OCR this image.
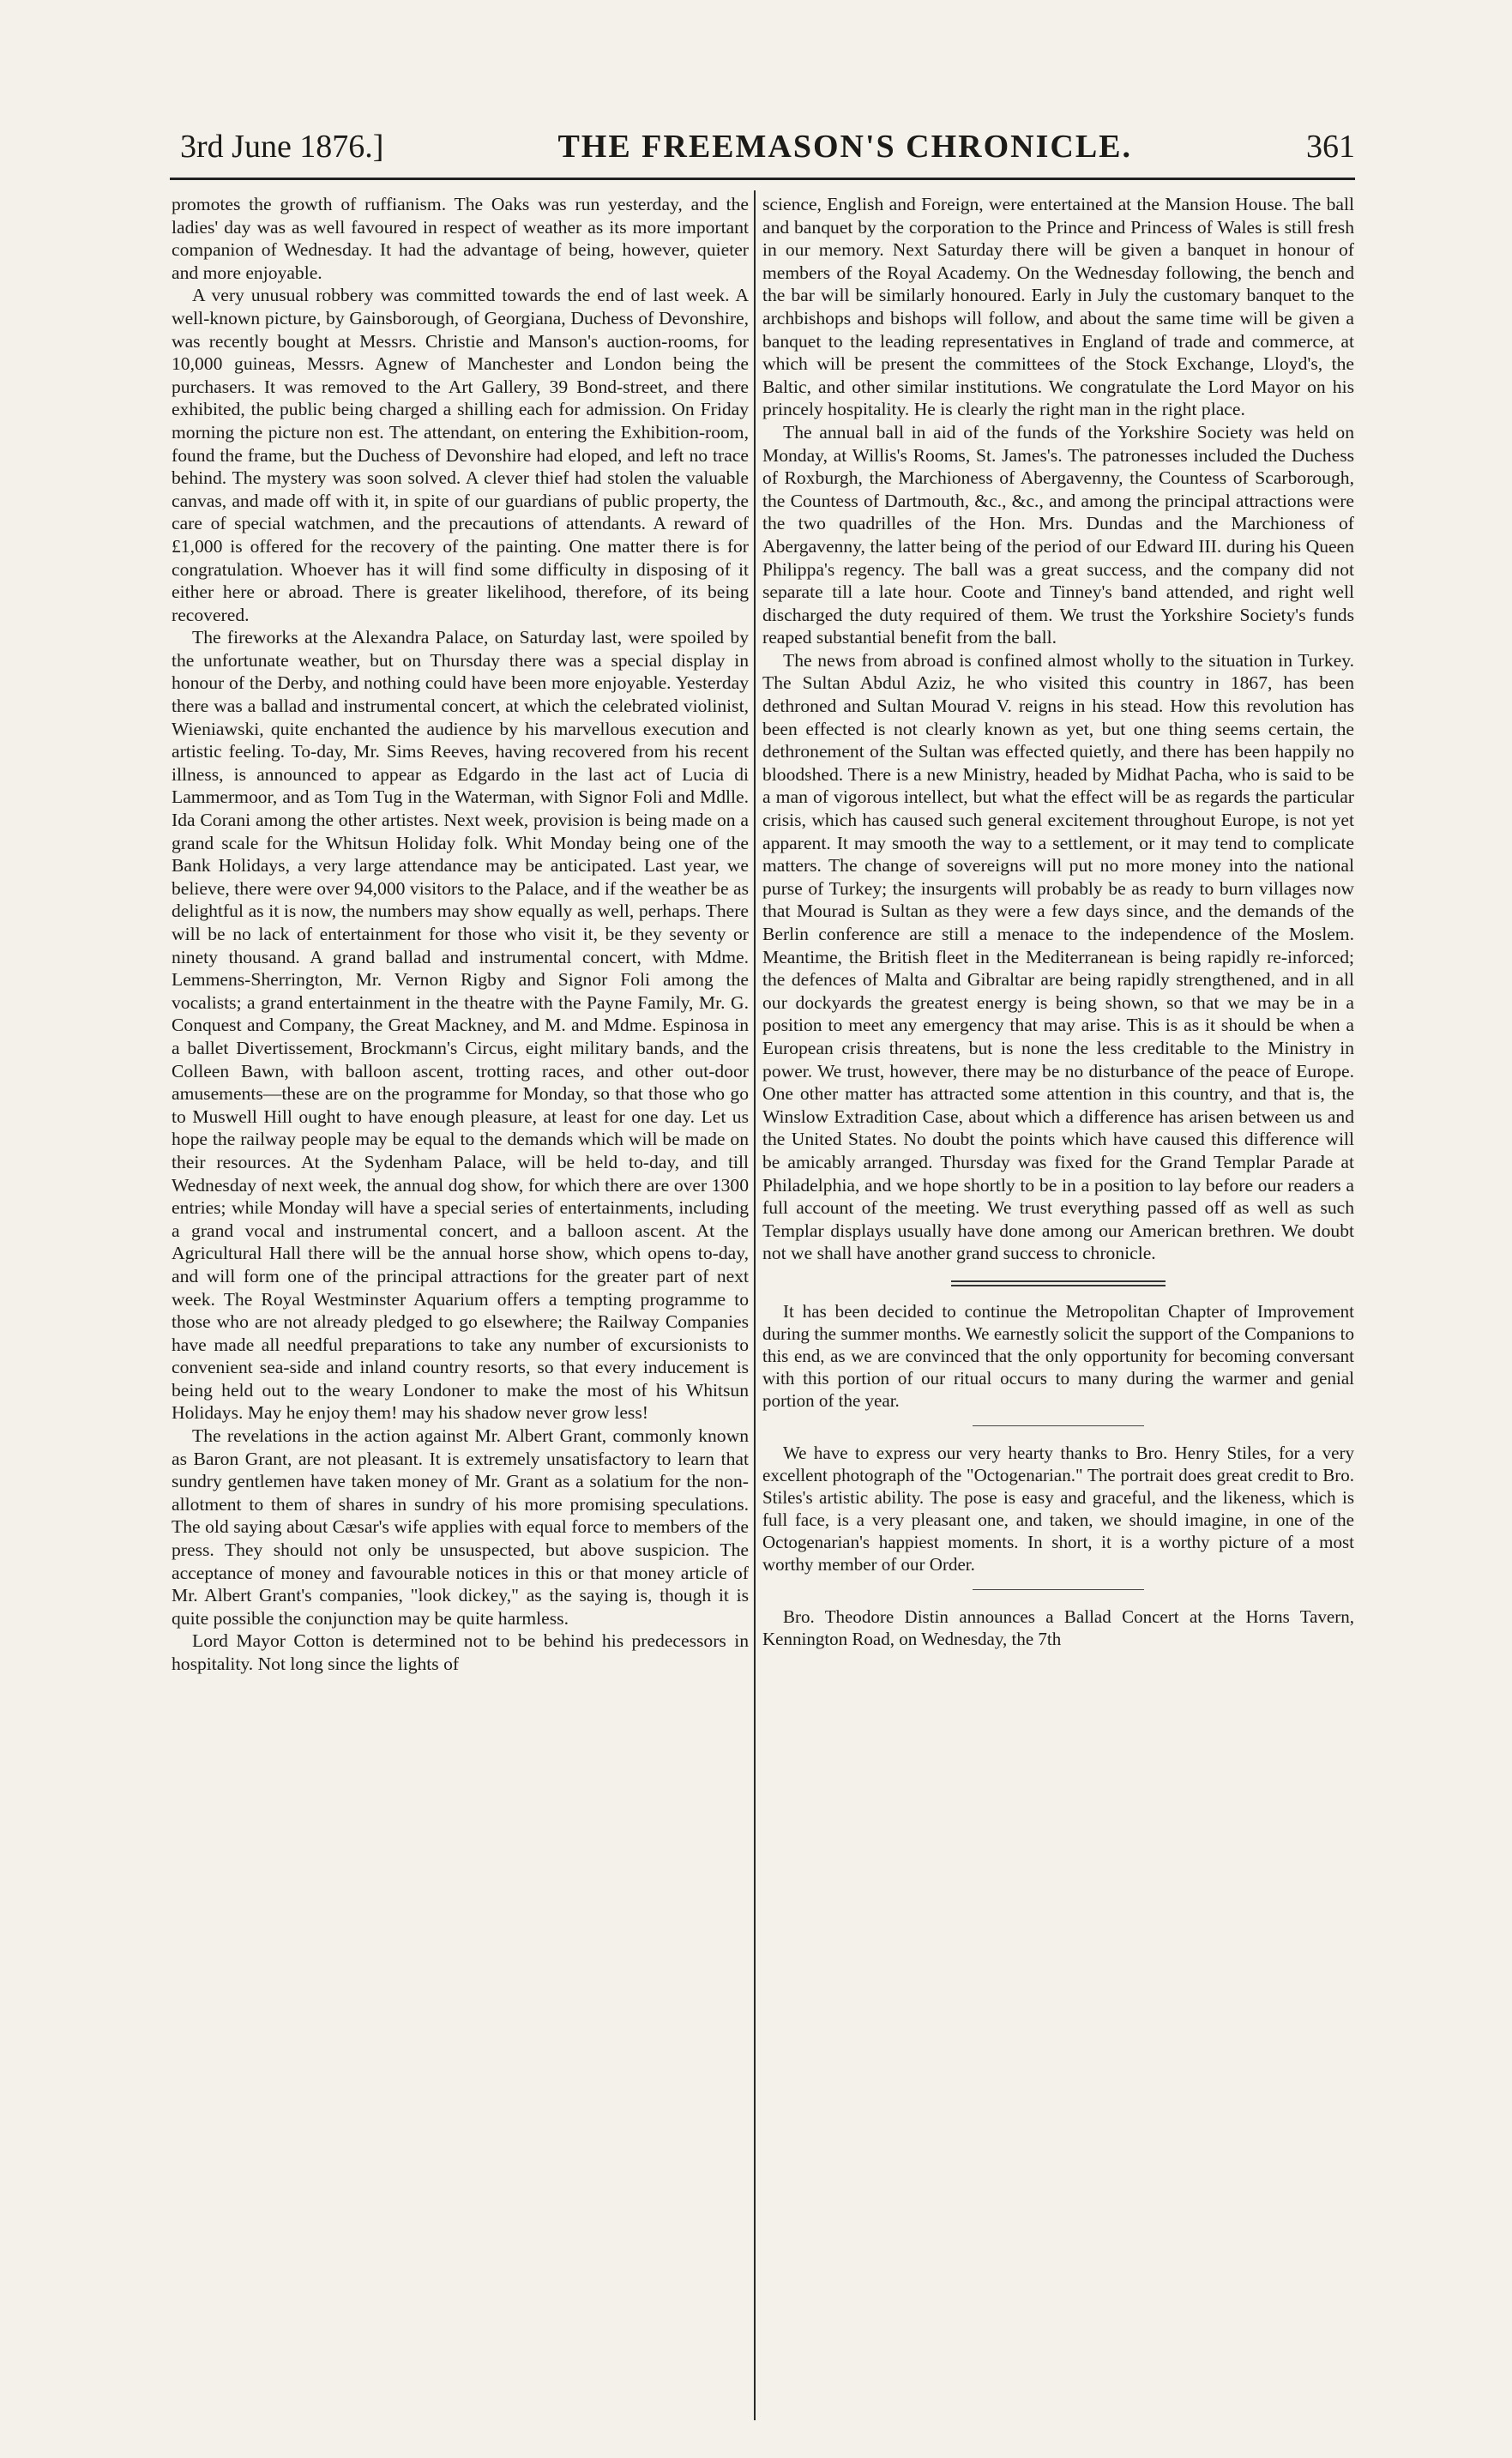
3rd June 1876.]	THE FREEMASON'S CHRONICLE.	361

promotes the growth of ruffianism. The Oaks was run yesterday, and the ladies' day was as well favoured in respect of weather as its more important companion of Wednesday. It had the advantage of being, however, quieter and more enjoyable.

A very unusual robbery was committed towards the end of last week. A well-known picture, by Gainsborough, of Georgiana, Duchess of Devonshire, was recently bought at Messrs. Christie and Manson's auction-rooms, for 10,000 guineas, Messrs. Agnew of Manchester and London being the purchasers. It was removed to the Art Gallery, 39 Bond-street, and there exhibited, the public being charged a shilling each for admission. On Friday morning the picture non est. The attendant, on entering the Exhibition-room, found the frame, but the Duchess of Devonshire had eloped, and left no trace behind. The mystery was soon solved. A clever thief had stolen the valuable canvas, and made off with it, in spite of our guardians of public property, the care of special watchmen, and the precautions of attendants. A reward of £1,000 is offered for the recovery of the painting. One matter there is for congratulation. Whoever has it will find some difficulty in disposing of it either here or abroad. There is greater likelihood, therefore, of its being recovered.

The fireworks at the Alexandra Palace, on Saturday last, were spoiled by the unfortunate weather, but on Thursday there was a special display in honour of the Derby, and nothing could have been more enjoyable. Yesterday there was a ballad and instrumental concert, at which the celebrated violinist, Wieniawski, quite enchanted the audience by his marvellous execution and artistic feeling. To-day, Mr. Sims Reeves, having recovered from his recent illness, is announced to appear as Edgardo in the last act of Lucia di Lammermoor, and as Tom Tug in the Waterman, with Signor Foli and Mdlle. Ida Corani among the other artistes. Next week, provision is being made on a grand scale for the Whitsun Holiday folk. Whit Monday being one of the Bank Holidays, a very large attendance may be anticipated. Last year, we believe, there were over 94,000 visitors to the Palace, and if the weather be as delightful as it is now, the numbers may show equally as well, perhaps. There will be no lack of entertainment for those who visit it, be they seventy or ninety thousand. A grand ballad and instrumental concert, with Mdme. Lemmens-Sherrington, Mr. Vernon Rigby and Signor Foli among the vocalists; a grand entertainment in the theatre with the Payne Family, Mr. G. Conquest and Company, the Great Mackney, and M. and Mdme. Espinosa in a ballet Divertissement, Brockmann's Circus, eight military bands, and the Colleen Bawn, with balloon ascent, trotting races, and other out-door amusements—these are on the programme for Monday, so that those who go to Muswell Hill ought to have enough pleasure, at least for one day. Let us hope the railway people may be equal to the demands which will be made on their resources. At the Sydenham Palace, will be held to-day, and till Wednesday of next week, the annual dog show, for which there are over 1300 entries; while Monday will have a special series of entertainments, including a grand vocal and instrumental concert, and a balloon ascent. At the Agricultural Hall there will be the annual horse show, which opens to-day, and will form one of the principal attractions for the greater part of next week. The Royal Westminster Aquarium offers a tempting programme to those who are not already pledged to go elsewhere; the Railway Companies have made all needful preparations to take any number of excursionists to convenient sea-side and inland country resorts, so that every inducement is being held out to the weary Londoner to make the most of his Whitsun Holidays. May he enjoy them! may his shadow never grow less!

The revelations in the action against Mr. Albert Grant, commonly known as Baron Grant, are not pleasant. It is extremely unsatisfactory to learn that sundry gentlemen have taken money of Mr. Grant as a solatium for the non-allotment to them of shares in sundry of his more promising speculations. The old saying about Cæsar's wife applies with equal force to members of the press. They should not only be unsuspected, but above suspicion. The acceptance of money and favourable notices in this or that money article of Mr. Albert Grant's companies, "look dickey," as the saying is, though it is quite possible the conjunction may be quite harmless.

Lord Mayor Cotton is determined not to be behind his predecessors in hospitality. Not long since the lights of

science, English and Foreign, were entertained at the Mansion House. The ball and banquet by the corporation to the Prince and Princess of Wales is still fresh in our memory. Next Saturday there will be given a banquet in honour of members of the Royal Academy. On the Wednesday following, the bench and the bar will be similarly honoured. Early in July the customary banquet to the archbishops and bishops will follow, and about the same time will be given a banquet to the leading representatives in England of trade and commerce, at which will be present the committees of the Stock Exchange, Lloyd's, the Baltic, and other similar institutions. We congratulate the Lord Mayor on his princely hospitality. He is clearly the right man in the right place.

The annual ball in aid of the funds of the Yorkshire Society was held on Monday, at Willis's Rooms, St. James's. The patronesses included the Duchess of Roxburgh, the Marchioness of Abergavenny, the Countess of Scarborough, the Countess of Dartmouth, &c., &c., and among the principal attractions were the two quadrilles of the Hon. Mrs. Dundas and the Marchioness of Abergavenny, the latter being of the period of our Edward III. during his Queen Philippa's regency. The ball was a great success, and the company did not separate till a late hour. Coote and Tinney's band attended, and right well discharged the duty required of them. We trust the Yorkshire Society's funds reaped substantial benefit from the ball.

The news from abroad is confined almost wholly to the situation in Turkey. The Sultan Abdul Aziz, he who visited this country in 1867, has been dethroned and Sultan Mourad V. reigns in his stead. How this revolution has been effected is not clearly known as yet, but one thing seems certain, the dethronement of the Sultan was effected quietly, and there has been happily no bloodshed. There is a new Ministry, headed by Midhat Pacha, who is said to be a man of vigorous intellect, but what the effect will be as regards the particular crisis, which has caused such general excitement throughout Europe, is not yet apparent. It may smooth the way to a settlement, or it may tend to complicate matters. The change of sovereigns will put no more money into the national purse of Turkey; the insurgents will probably be as ready to burn villages now that Mourad is Sultan as they were a few days since, and the demands of the Berlin conference are still a menace to the independence of the Moslem. Meantime, the British fleet in the Mediterranean is being rapidly re-inforced; the defences of Malta and Gibraltar are being rapidly strengthened, and in all our dockyards the greatest energy is being shown, so that we may be in a position to meet any emergency that may arise. This is as it should be when a European crisis threatens, but is none the less creditable to the Ministry in power. We trust, however, there may be no disturbance of the peace of Europe. One other matter has attracted some attention in this country, and that is, the Winslow Extradition Case, about which a difference has arisen between us and the United States. No doubt the points which have caused this difference will be amicably arranged. Thursday was fixed for the Grand Templar Parade at Philadelphia, and we hope shortly to be in a position to lay before our readers a full account of the meeting. We trust everything passed off as well as such Templar displays usually have done among our American brethren. We doubt not we shall have another grand success to chronicle.

It has been decided to continue the Metropolitan Chapter of Improvement during the summer months. We earnestly solicit the support of the Companions to this end, as we are convinced that the only opportunity for becoming conversant with this portion of our ritual occurs to many during the warmer and genial portion of the year.

We have to express our very hearty thanks to Bro. Henry Stiles, for a very excellent photograph of the "Octogenarian." The portrait does great credit to Bro. Stiles's artistic ability. The pose is easy and graceful, and the likeness, which is full face, is a very pleasant one, and taken, we should imagine, in one of the Octogenarian's happiest moments. In short, it is a worthy picture of a most worthy member of our Order.

Bro. Theodore Distin announces a Ballad Concert at the Horns Tavern, Kennington Road, on Wednesday, the 7th
